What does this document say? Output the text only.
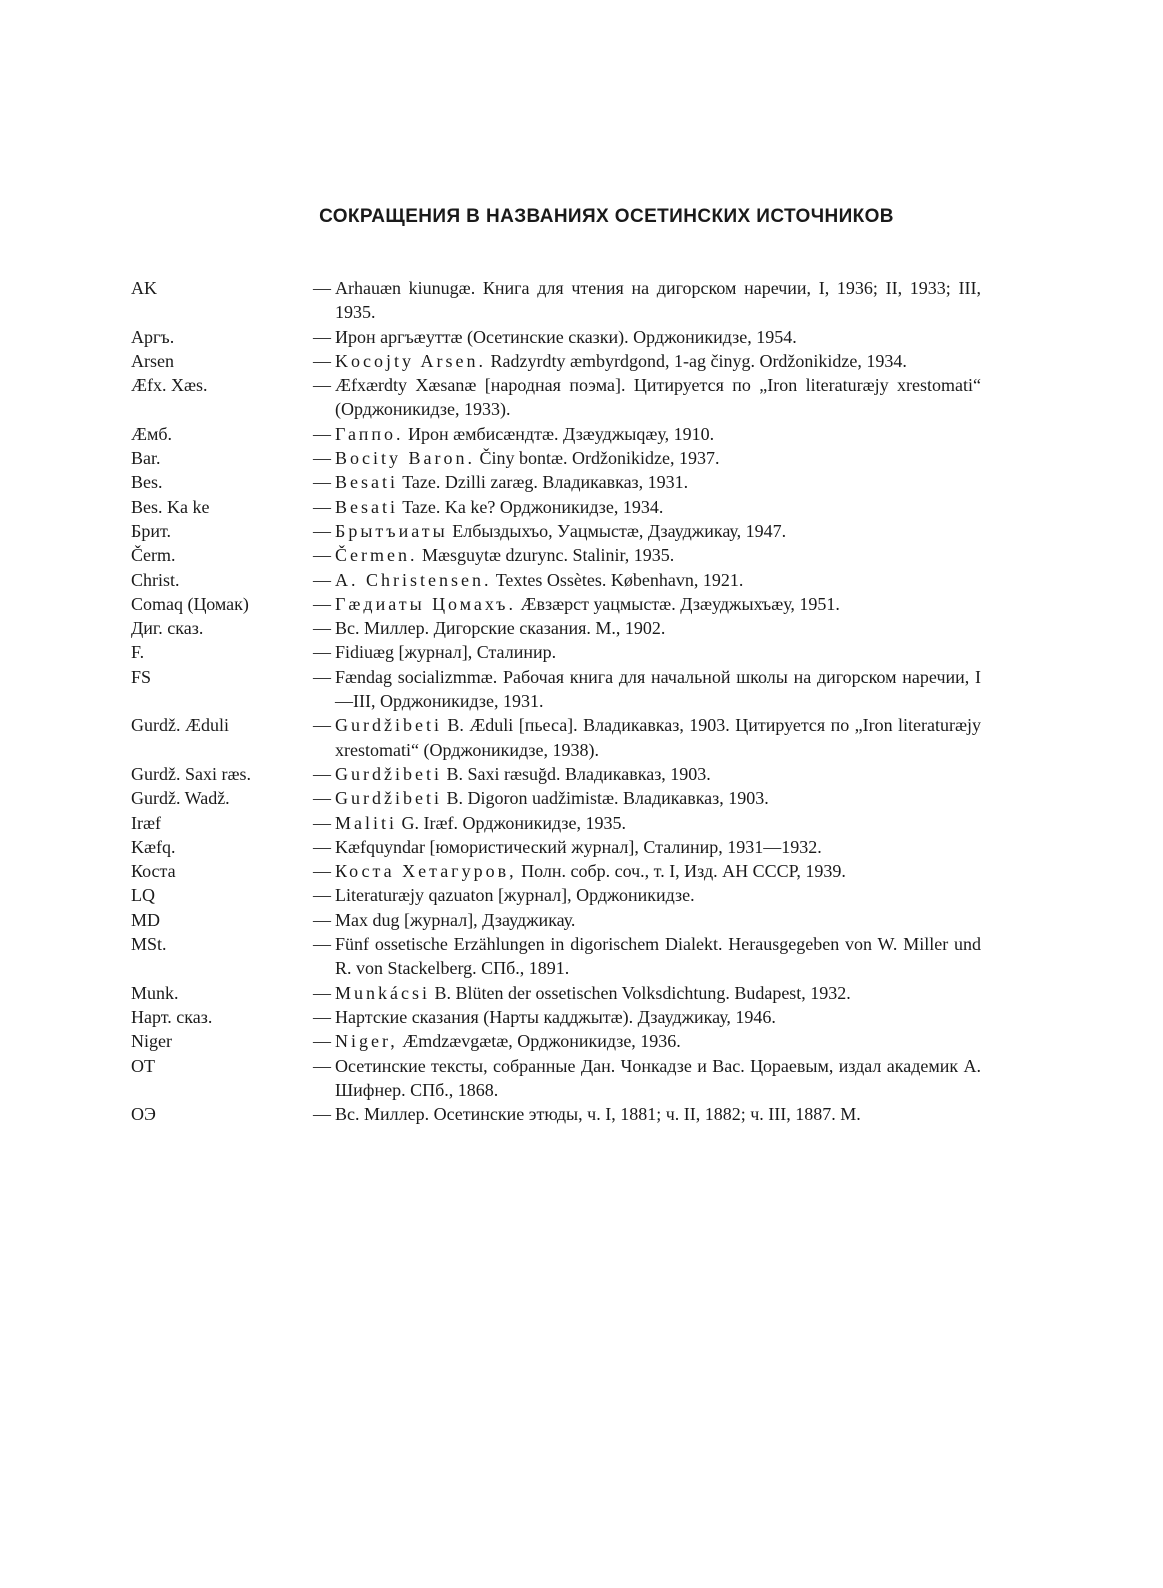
СОКРАЩЕНИЯ В НАЗВАНИЯХ ОСЕТИНСКИХ ИСТОЧНИКОВ
AK	— Arhauæn kiunugæ. Книга для чтения на дигорском наречии, I, 1936; II, 1933; III, 1935.
Аргъ.	— Ирон аргъæуттæ (Осетинские сказки). Орджоникидзе, 1954.
Arsen	— Kocojty Arsen. Radzyrdty æmbyrdgond, 1-ag činyg. Ordžonikidze, 1934.
Æfx. Xæs.	— Æfxærdty Xæsanæ [народная поэма]. Цитируется по „Iron literaturæjy xrestomati“ (Орджоникидзе, 1933).
Æмб.	— Гаппо. Ирон æмбисæндтæ. Дзæуджыqæу, 1910.
Bar.	— Bocity Baron. Činy bontæ. Ordžonikidze, 1937.
Bes.	— Besati Taze. Dzilli zaræg. Владикавказ, 1931.
Bes. Ka ke	— Besati Taze. Ka ke? Орджоникидзе, 1934.
Брит.	— Брытъиаты Елбыздыхъо, Уацмыстæ, Дзауджикау, 1947.
Čerm.	— Čermen. Mæsguytæ dzurync. Stalinir, 1935.
Christ.	— A. Christensen. Textes Ossètes. København, 1921.
Comaq (Цомак)	— Гæдиаты Цомахъ. Æвзæрст уацмыстæ. Дзæуджыхъæу, 1951.
Диг. сказ.	— Вс. Миллер. Дигорские сказания. М., 1902.
F.	— Fidiuæg [журнал], Сталинир.
FS	— Fændag socializmmæ. Рабочая книга для начальной школы на дигорском наречии, I—III, Орджоникидзе, 1931.
Gurdž. Æduli	— Gurdžibeti B. Æduli [пьеса]. Владикавказ, 1903. Цитируется по „Iron literaturæjy xrestomati“ (Орджоникидзе, 1938).
Gurdž. Saxi ræs.	— Gurdžibeti B. Saxi ræsuğd. Владикавказ, 1903.
Gurdž. Wadž.	— Gurdžibeti B. Digoron uadžimistæ. Владикавказ, 1903.
Iræf	— Maliti G. Iræf. Орджоникидзе, 1935.
Kæfq.	— Kæfquyndar [юмористический журнал], Сталинир, 1931—1932.
Коста	— Коста Хетагуров, Полн. собр. соч., т. I, Изд. АН СССР, 1939.
LQ	— Literaturæjy qazuaton [журнал], Орджоникидзе.
MD	— Max dug [журнал], Дзауджикау.
MSt.	— Fünf ossetische Erzählungen in digorischem Dialekt. Herausgegeben von W. Miller und R. von Stackelberg. СПб., 1891.
Munk.	— Munkácsi B. Blüten der ossetischen Volksdichtung. Budapest, 1932.
Нарт. сказ.	— Нартские сказания (Нарты кадджытæ). Дзауджикау, 1946.
Niger	— Niger, Æmdzævgætæ, Орджоникидзе, 1936.
ОТ	— Осетинские тексты, собранные Дан. Чонкадзе и Вас. Цораевым, издал академик А. Шифнер. СПб., 1868.
ОЭ	— Вс. Миллер. Осетинские этюды, ч. I, 1881; ч. II, 1882; ч. III, 1887. М.
